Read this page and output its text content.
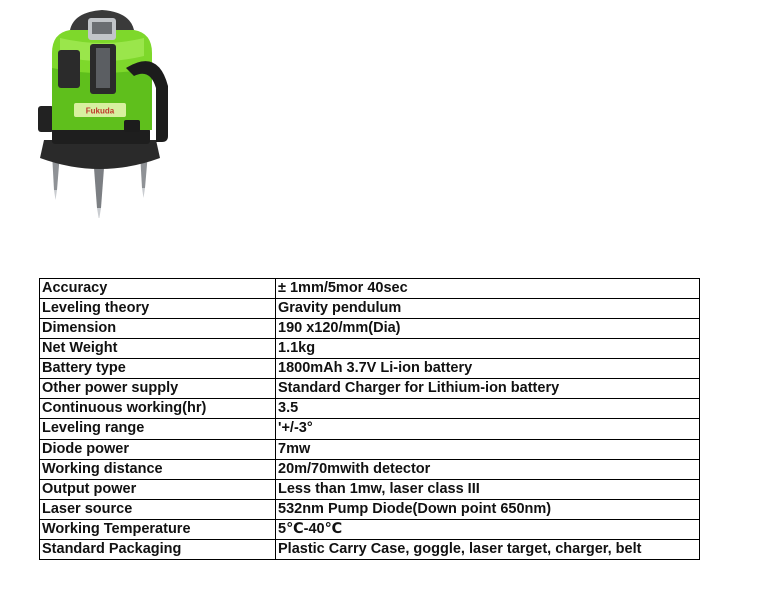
Fukuda
Accuracy	± 1mm/5mor 40sec
Leveling theory	Gravity pendulum
Dimension	190 x120/mm(Dia)
Net Weight	1.1kg
Battery type	1800mAh 3.7V Li-ion battery
Other power supply	Standard Charger for Lithium-ion battery
Continuous working(hr)	3.5
Leveling range	'+/-3°
Diode power	7mw
Working distance	20m/70mwith detector
Output power	Less than 1mw, laser class III
Laser source	532nm Pump Diode(Down point 650nm)
Working Temperature	5℃-40℃
Standard Packaging	Plastic Carry Case, goggle, laser target, charger, belt
